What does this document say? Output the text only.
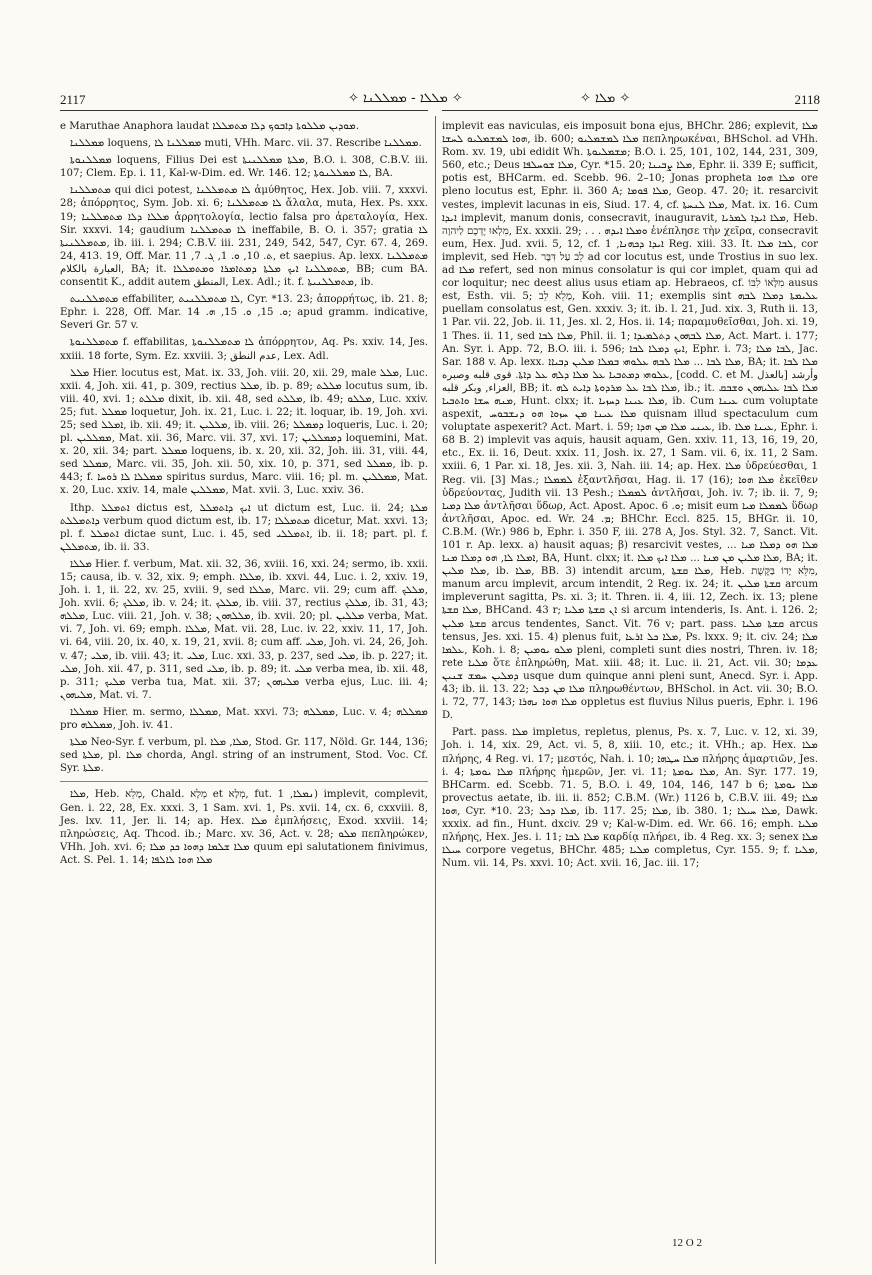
2117	✧ ܡܠܠܐ - ܡܡܠܠܢܐ ✧	✧ ܡܠܐ ✧	2118

e Maruthae Anaphora laudat ܡܘܕܝܢ ܡܠܠܘܬܐ ܕܐܒܘܟ ܕܠܐ ܡܬܡܠܠܐ.

ܡܡܠܠܢܐ loquens, ܡܡܠܠܢܐ ܠܐ muti, VHh. Marc. vii. 37. Rescribe ܡܡܠܠܢܐ.

ܡܡܠܠܢܘܬܐ loquens, Filius Dei est ܡܠܬܐ ܡܡܠܠܢܝܬܐ, B.O. i. 308, C.B.V. iii. 107; Clem. Ep. i. 11, Kal-w-Dim. ed. Wr. 146. 12; ܠܐ ܡܡܠܠܢܘܬܐ, BA.

ܡܬܡܠܠܢܐ qui dici potest, ܠܐ ܡܬܡܠܠܢܐ ἀμύθητος, Hex. Job. viii. 7, xxxvi. 28; ἀπόρρητος, Sym. Job. xi. 6; ܠܐ ܡܬܡܠܠܢܐ ἄλαλα, muta, Hex. Ps. xxx. 19; ܡܠܠܐ ܕܠܐ ܡܬܡܠܠܢܐ ἀρρητολογία, lectio falsa pro ἀρεταλογία, Hex. Sir. xxxvi. 14; gaudium ܠܐ ܡܬܡܠܠܢܐ ineffabile, B. O. i. 357; gratia ܠܐ ܡܬܡܠܠܢܝܬܐ, ib. iii. i. 294; C.B.V. iii. 231, 249, 542, 547, Cyr. 67. 4, 269. 24, 413. 19, Off. Mar. ܬ. 10, ܘ. 1, ܓ. 7, 11, et saepius. Ap. lexx. ܡܬܡܠܠܢܐ العبارة بالكلام, BA; it. ܡܬܡܠܠܢܐ ܐܝܟ ܡܠܬܐ ܕܡܬܐܡܪܐ ܘܡܬܡܠܠܐ, BB; cum BA. consentit K., addit autem المنطق, Lex. Adl.; it. f. ܡܬܡܠܠܢܝܬܐ, ib.

ܡܬܡܠܠܢܝܬ effabiliter, ܠܐ ܡܬܡܠܠܢܝܬ, Cyr. *13. 23; ἀπορρήτως, ib. 21. 8; Ephr. i. 228, Off. Mar. ܘ. 15, ܘ. 15, ܗ. 14; apud gramm. indicative, Severi Gr. 57 v.

ܡܬܡܠܠܢܘܬܐ f. effabilitas, ܠܐ ܡܬܡܠܠܢܘܬܐ ἀπόρρητον, Aq. Ps. xxiv. 14, Jes. xxiii. 18 forte, Sym. Ez. xxviii. 3; عدم النطق, Lex. Adl.

ܡܠܠ Hier. locutus est, Mat. ix. 33, Joh. viii. 20, xii. 29, male ܡܠܠ, Luc. xxii. 4, Joh. xii. 41, p. 309, rectius ܡܠܠ, ib. p. 89; ܡܠܠܬ locutus sum, ib. viii. 40, xvi. 1; ܡܠܠܬ dixit, ib. xii. 48, sed ܡܠܠܬ, ib. 49; ܡܠܠܘ, Luc. xxiv. 25; fut. ܡܡܠܠ loquetur, Joh. ix. 21, Luc. i. 22; it. loquar, ib. 19, Joh. xvi. 25; sed ܐܡܠܠ, ib. xii. 49; it. ܡܠܠܝܢ, ib. viii. 26; ܕܡܡܠܠ loqueris, Luc. i. 20; pl. ܡܡܠܠܝܢ, Mat. xii. 36, Marc. vii. 37, xvi. 17; ܕܡܡܠܠܝܢ loquemini, Mat. x. 20, xii. 34; part. ܡܡܠܠ loquens, ib. x. 20, xii. 32, Joh. iii. 31, viii. 44, sed ܡܡܠܠ, Marc. vii. 35, Joh. xii. 50, xix. 10, p. 371, sed ܡܡܠܠ, ib. p. 443; f. ܡܡܠܠܐ ܠܐ ܪܘܚܐ spiritus surdus, Marc. viii. 16; pl. m. ܡܡܠܠܝܢ, Mat. x. 20, Luc. xxiv. 14, male ܡܡܠܠܝܢ, Mat. xvii. 3, Luc. xxiv. 36.

Ithp. ܐܬܡܠܠ dictus est, ܐܝܟ ܕܐܬܡܠܠ ut dictum est, Luc. ii. 24; ܡܠܬܐ ܕܐܬܡܠܠܬ verbum quod dictum est, ib. 17; ܡܬܡܠܠܐ dicetur, Mat. xxvi. 13; pl. f. ܐܬܡܠܠ dictae sunt, Luc. i. 45, sed ܐܬܡܠܠܝ, ib. ii. 18; part. pl. f. ܡܬܡܠܠܢ, ib. ii. 33.

ܡܠܠܐ Hier. f. verbum, Mat. xii. 32, 36, xviii. 16, xxi. 24; sermo, ib. xxii. 15; causa, ib. v. 32, xix. 9; emph. ܡܠܠܐ, ib. xxvi. 44, Luc. i. 2, xxiv. 19, Joh. i. 1, ii. 22, xv. 25, xviii. 9, sed ܡܠܠܐ, Marc. vii. 29; cum aff. ܡܠܠܟ, Joh. xvii. 6; ܡܠܠܟ, ib. v. 24; it. ܡܠܠܟ, ib. viii. 37, rectius ܡܠܠܟ, ib. 31, 43; ܡܠܠܗ, Luc. viii. 21, Joh. v. 38; ܡܠܠܗܘܢ, ib. xvii. 20; pl. ܡܠܠܝܢ verba, Mat. vi. 7, Joh. vi. 69; emph. ܡܠܠܐ, Mat. vii. 28, Luc. iv. 22, xxiv. 11, 17, Joh. vi. 64, viii. 20, ix. 40, x. 19, 21, xvii. 8; cum aff. ܡܠܝ, Joh. vi. 24, 26, Joh. v. 47; ܡܠܝ, ib. viii. 43; it. ܡܠܝ, Luc. xxi. 33, p. 237, sed ܡܠܝ, ib. p. 227; it. ܡܠܝ, Joh. xii. 47, p. 311, sed ܡܠܝ, ib. p. 89; it. ܡܠܝ verba mea, ib. xii. 48, p. 311; ܡܠܝܟ verba tua, Mat. xii. 37; ܡܠܝܗܘܢ verba ejus, Luc. iii. 4; ܡܠܝܗܘܢ, Mat. vi. 7.

ܡܡܠܠܐ Hier. m. sermo, ܡܡܠܠܐ, Mat. xxvi. 73; ܡܡܠܠܗ, Luc. v. 4; ܡܡܠܠܗ pro ܡܡܠܠܗ, Joh. iv. 41.

ܡܠܬܐ Neo-Syr. f. verbum, pl. ܡܠܐ, ܡܠܐ, Stod. Gr. 117, Nöld. Gr. 144, 136; sed ܡܠܬܐ, pl. ܡܠܐ chorda, Angl. string of an instrument, Stod. Voc. Cf. Syr. ܡܠܬܐ.

ܡܠܐ, Heb. מָלֵא, Chald. מְלָא et מְלָא, fut. ܢܡܠܐ, 1) implevit, complevit, Gen. i. 22, 28, Ex. xxxi. 3, 1 Sam. xvi. 1, Ps. xvii. 14, cx. 6, cxxviii. 8, Jes. lxv. 11, Jer. li. 14; ap. Hex. ܡܠܐ ἐμπλήσεις, Exod. xxviii. 14; πληρώσεις, Aq. Thcod. ib.; Marc. xv. 36, Act. v. 28; ܡܠܘ πεπληρώκεν, VHh. Joh. xvi. 6; ܡܠܐ ܫܠܡܐ ܕܗܘܐ ܟܕ ܡܠܐ quum epi salutationem finivimus, Act. S. Pel. 1. 14; ܡܠܐ ܗܘܐ ܠܐܠܦܐ

implevit eas naviculas, eis imposuit bona ejus, BHChr. 286; explevit, ܡܠܐ ܗܘܐ ܠܡܫܡܠܝܘ ܠܚܫܐ, ib. 600; ܡܠܐ ܠܡܫܡܠܝܘ πεπληρωκέναι, BHSchol. ad VHh. Rom. xv. 19, ubi edidit Wh. ܡܫܡܠܝܘܬܐ; B.O. i. 25, 101, 102, 144, 231, 309, 560, etc.; Deus ܡܠܐ ܫܘܚܠܦܐ, Cyr. *15. 20; ܡܠܐ ܨܒܝܢܐ, Ephr. ii. 339 E; sufficit, potis est, BHCarm. ed. Scebb. 96. 2–10; Jonas propheta ܡܠܐ ܗܘܐ ore pleno locutus est, Ephr. ii. 360 A; ܡܠܐ ܦܘܡܐ, Geop. 47. 20; it. resarcivit vestes, implevit lacunas in eis, Siud. 17. 4, cf. ܡܠܐ ܠܢܚܬܐ, Mat. ix. 16. Cum ܐܝܕܐ implevit, manum donis, consecravit, inauguravit, ܡܠܐ ܐܝܕܐ ܠܡܪܝܐ, Heb. מִלְאוּ יֶדְכֶם לַיהוָה, Ex. xxxii. 29; . . . ܘܡܠܐ ܐܝܕܗ ἐνέπλησε τὴν χεῖρα, consecravit eum, Hex. Jud. xvii. 5, 12, cf. ܐܝܕܐ ܕܟܗܢܐ, 1 Reg. xiii. 33. It. ܠܒܐ ܡܠܐ, cor implevit, sed Heb. לֵב עַל דִּבֶּר ad cor locutus est, unde Trostius in suo lex. ad ܡܠܐ refert, sed non minus consolatur is qui cor implet, quam qui ad cor loquitur; nec deest alius usus etiam ap. Hebraeos, cf. מִלָּאוֹ לִבּוֹ ausus est, Esth. vii. 5; מָלֵא לֵב, Koh. viii. 11; exemplis sint ܥܠܝܡܬܐ ܕܡܠܐ ܠܒܗ puellam consolatus est, Gen. xxxiv. 3; it. ib. l. 21, Jud. xix. 3, Ruth ii. 13, 1 Par. vii. 22, Job. ii. 11, Jes. xl. 2, Hos. ii. 14; παραμυθεῖσθαι, Joh. xi. 19, 1 Thes. ii. 11, sed ܡܠܐ ܠܒܐ, Phil. ii. 1; ܡܠܐ ܠܒܗܘܢ ܕܬܠܡܝܕܐ, Act. Mart. i. 177; An. Syr. i. App. 72, B.O. iii. i. 596; ܐܝܟ ܕܡܠܐ ܠܒܐ, Ephr. i. 73; ܠܒܐ ܡܠܐ, Jac. Sar. 188 v. Ap. lexx. ܡܠܐ ܠܒܐ ... ܡܠܐ ܠܒܗ ܥܠܘܗܝ ܒܡܠܐ ܡܠܝܢ ܕܒܝܐܐ, BA; it. ܡܠܐ ܠܒܐ ܥܠܘܗܝ ܕܡܬܒܝܐ ܥܠ ܡܠܐ ܕܠܗ ܥܠ ܕܐܬܐ. قوى قلبه وصبره, [codd. C. et M. بالعذل] وأرشد العزاء, وبكر قلبه, BB; it. ܡܠܐ ܠܒܐ ܥܠ ܡܪܕܘܬܐ ܕܐܝܬ ܠܗ, ib.; it. ܡܠܐ ܠܒܐ ܥܠܝܗܘܢ ܘܫܒܩ ܡܢܗ ܚܫܐ ܘܐܬܒܝܐ, Hunt. clxx; it. ܡܠܐ ܥܝܢܐ ܕܚܙܝܐ, ib. Cum ܥܝܢܐ cum voluptate aspexit, ܡܠܐ ܥܝܢܐ ܡܢ ܚܙܘܐ ܗܘ ܕܢܫܒܘܚ quisnam illud spectaculum cum voluptate aspexerit? Act. Mart. i. 59; ܥܝܢܝ ܡܠܐ ܡܢ ܗܕܐ, ib. ܥܝܢܐ ܡܠܐ, Ephr. i. 68 B. 2) implevit vas aquis, hausit aquam, Gen. xxiv. 11, 13, 16, 19, 20, etc., Ex. ii. 16, Deut. xxix. 11, Josh. ix. 27, 1 Sam. vii. 6, ix. 11, 2 Sam. xxiii. 6, 1 Par. xi. 18, Jes. xii. 3, Nah. iii. 14; ap. Hex. ܡܠܐ ὑδρεύεσθαι, 1 Reg. vii. [3] Mas.; ܠܡܡܠܐ ἐξαντλῆσαι, Hag. ii. 17 (16); ܡܠܐ ܗܘܐ ἐκεῖθεν ὑδρεύοντας, Judith vii. 13 Pesh.; ܠܡܡܠܐ ἀντλῆσαι, Joh. iv. 7; ib. ii. 7, 9; ܡܠܐ ܕܡܝܐ ἀντλῆσαι ὕδωρ, Act. Apost. Apoc. ܘ. 6; misit eum ܠܡܡܠܐ ܡܝܐ ὕδωρ ἀντλῆσαι, Apoc. ed. Wr. ܡ. 24; BHChr. Eccl. 825. 15, BHGr. ii. 10, C.B.M. (Wr.) 986 b, Ephr. i. 350 F, iii. 278 A, Jos. Styl. 32. 7, Sanct. Vit. 101 r. Ap. lexx. a) hausit aquas; β) resarcivit vestes, ܡܠܐ ܗܘ ܕܡܠܐ ܡܝܐ ... ܐܡܠܐ ܠܐ, ܗܘ ܕܡܠܐ ܡܢܐ, BA, Hunt. clxx; it. ܡܠܐ ܡܠܝܢ ܡܢ ܡܢܐ ... ܡܠܐ ܐܝܟ ܡܠܐ, BA; it. ܡܠܐ ܡܠܝܢ, ib. ܡܠܐ, BB. 3) intendit arcum, ܡܠܐ ܩܫܬܐ, Heb. מִלֵּא יָדוֹ בַּקֶּשֶׁת, manum arcu implevit, arcum intendit, 2 Reg. ix. 24; it. ܩܫܬܐ ܡܠܝܢ arcum impleverunt sagitta, Ps. xi. 3; it. Thren. ii. 4, iii. 12, Zech. ix. 13; plene ܡܠܐ ܩܫܬܐ, BHCand. 43 r; ܐܢ ܩܫܬܐ ܡܠܝܐ si arcum intenderis, Is. Ant. i. 126. 2; ܩܫܬܐ ܡܠܝܢ arcus tendentes, Sanct. Vit. 76 v; part. pass. ܩܫܬܐ ܡܠܝܐ arcus tensus, Jes. xxi. 15. 4) plenus fuit, ܡܠܐ ܟܠ ܐܪܥܐ, Ps. lxxx. 9; it. civ. 24; ܡܠܐ ܥܠܡܐ, Koh. i. 8; ܡܠܘ ܝܘܡܝܢ pleni, completi sunt dies nostri, Thren. iv. 18; rete ܡܠܝܐ ὅτε ἐπληρώθη, Mat. xiii. 48; it. Luc. ii. 21, Act. vii. 30; ܥܕܡܐ ܕܡܠܝܢ ܚܡܫ ܫܢܝܢ usque dum quinque anni pleni sunt, Anecd. Syr. i. App. 43; ib. ii. 13. 22; ܡܠܐ ܡܢ ܕܟܠ πληρωθέντων, BHSchol. in Act. vii. 30; B.O. i. 72, 77, 143; ܡܠܐ ܗܘܐ ܢܗܪܐ oppletus est fluvius Nilus pueris, Ephr. i. 196 D.

Part. pass. ܡܠܐ impletus, repletus, plenus, Ps. x. 7, Luc. v. 12, xi. 39, Joh. i. 14, xix. 29, Act. vi. 5, 8, xiii. 10, etc.; it. VHh.; ap. Hex. ܡܠܐ πλήρης, 4 Reg. vi. 17; μεστός, Nah. i. 10; ܡܠܐ ܚܛܗܐ πλήρης ἁμαρτιῶν, Jes. i. 4; ܡܠܐ ܝܘܡܬܐ πλήρης ἡμερῶν, Jer. vi. 11; ܡܠܐ ܝܘܡܬܐ, An. Syr. 177. 19, BHCarm. ed. Scebb. 71. 5, B.O. i. 49, 104, 146, 147 b 6; ܡܠܐ ܝܘܡܬܐ provectus aetate, ib. iii. ii. 852; C.B.M. (Wr.) 1126 b, C.B.V. iii. 49; ܡܠܐ ܗܘܐ, Cyr. *10. 23; ܡܠܐ ܕܟܠ, ib. 117. 25; ܡܠܐ, ib. 380. 1; ܡܠܐ ܚܝܠܐ, Dawk. xxxix. ad fin., Hunt. dxciv. 29 v; Kal-w-Dim. ed. Wr. 66. 16; emph. ܡܠܝܐ πλήρης, Hex. Jes. i. 11; ܡܠܐ ܠܒܐ καρδίᾳ πλήρει, ib. 4 Reg. xx. 3; senex ܡܠܐ ܚܝܠܐ corpore vegetus, BHChr. 485; ܡܠܝܐ completus, Cyr. 155. 9; f. ܡܠܝܐ, Num. vii. 14, Ps. xxvi. 10; Act. xvii. 16, Jac. iii. 17;

12 O 2
